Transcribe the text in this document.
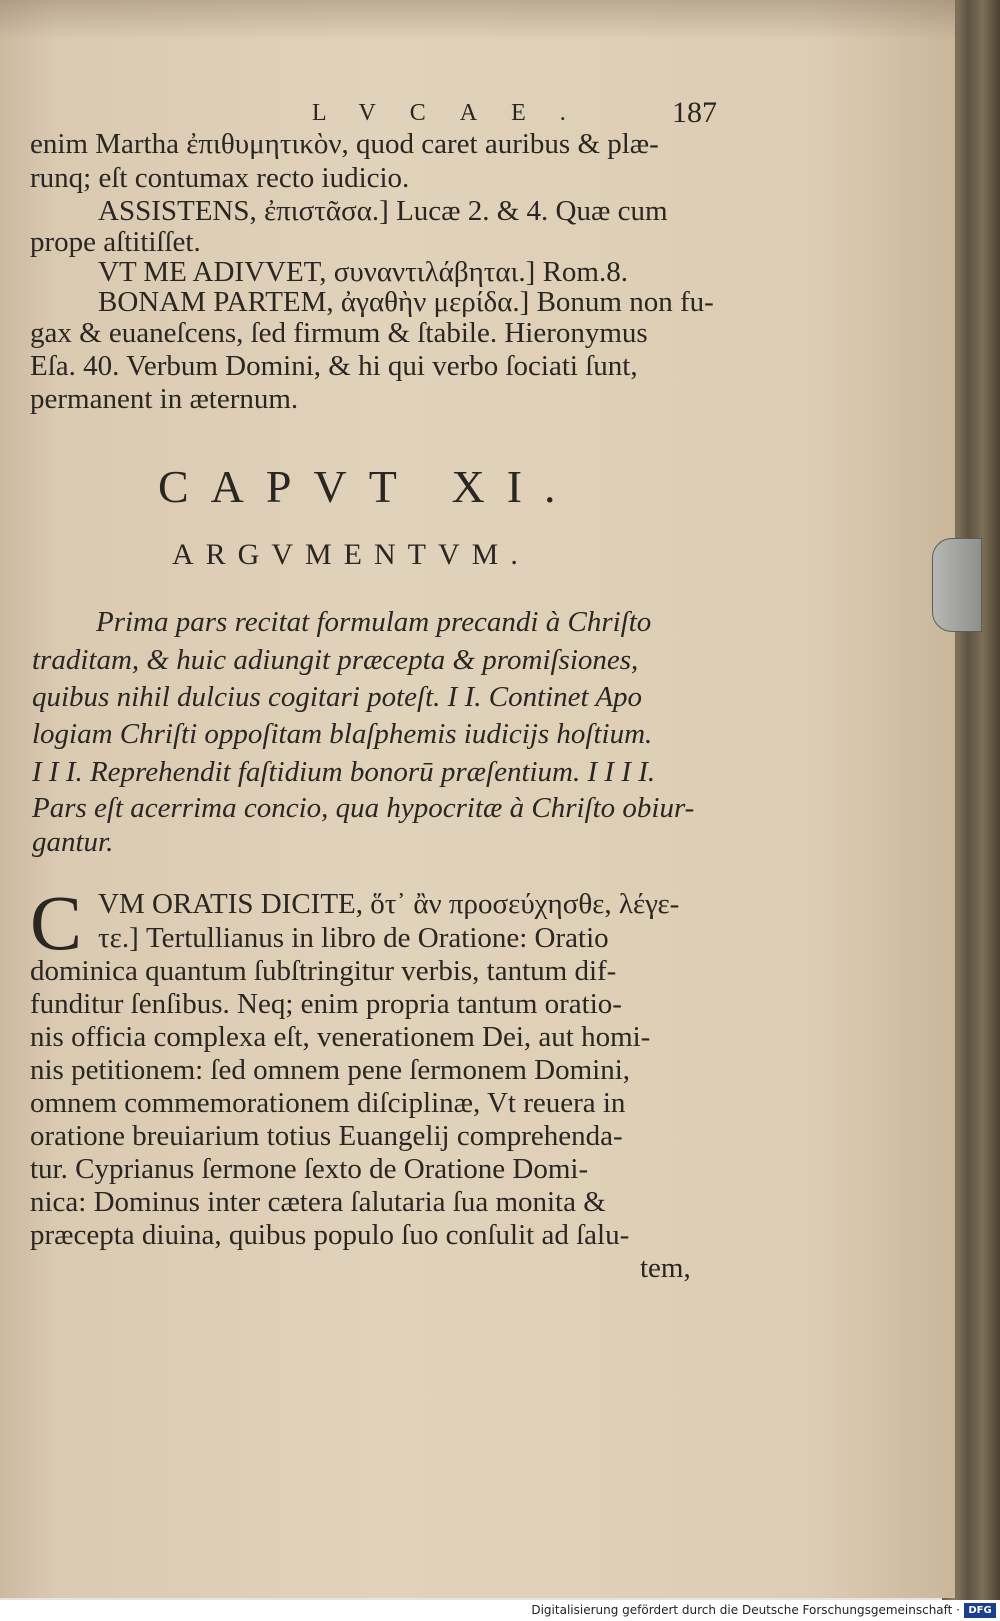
LVCAE. 187
enim Martha ἐπιθυμητικὸν, quod caret auribus & plæ-
runq; eſt contumax recto iudicio.
ASSISTENS, ἐπιστᾶσα.] Lucæ 2. & 4. Quæ cum
prope aſtitiſſet.
VT ME ADIVVET, συναντιλάβηται.] Rom.8.
BONAM PARTEM, ἀγαθὴν μερίδα.] Bonum non fu-
gax & euaneſcens, ſed firmum & ſtabile. Hieronymus
Eſa. 40. Verbum Domini, & hi qui verbo ſociati ſunt,
permanent in æternum.
CAPVT XI.
ARGVMENTVM.
Prima pars recitat formulam precandi à Chriſto
traditam, & huic adiungit præcepta & promiſsiones,
quibus nihil dulcius cogitari poteſt. I I. Continet Apo
logiam Chriſti oppoſitam blaſphemis iudicijs hoſtium.
I I I. Reprehendit faſtidium bonorū præſentium. I I I I.
Pars eſt acerrima concio, qua hypocritæ à Chriſto obiur-
gantur.
C VM ORATIS DICITE, ὅτ᾽ ἂν προσεύχησθε, λέγε-
τε.] Tertullianus in libro de Oratione: Oratio
dominica quantum ſubſtringitur verbis, tantum dif-
funditur ſenſibus. Neq; enim propria tantum oratio-
nis officia complexa eſt, venerationem Dei, aut homi-
nis petitionem: ſed omnem pene ſermonem Domini,
omnem commemorationem diſciplinæ, Vt reuera in
oratione breuiarium totius Euangelij comprehenda-
tur. Cyprianus ſermone ſexto de Oratione Domi-
nica: Dominus inter cætera ſalutaria ſua monita &
præcepta diuina, quibus populo ſuo conſulit ad ſalu-
tem,
Digitalisierung gefördert durch die Deutsche Forschungsgemeinschaft · DFG
